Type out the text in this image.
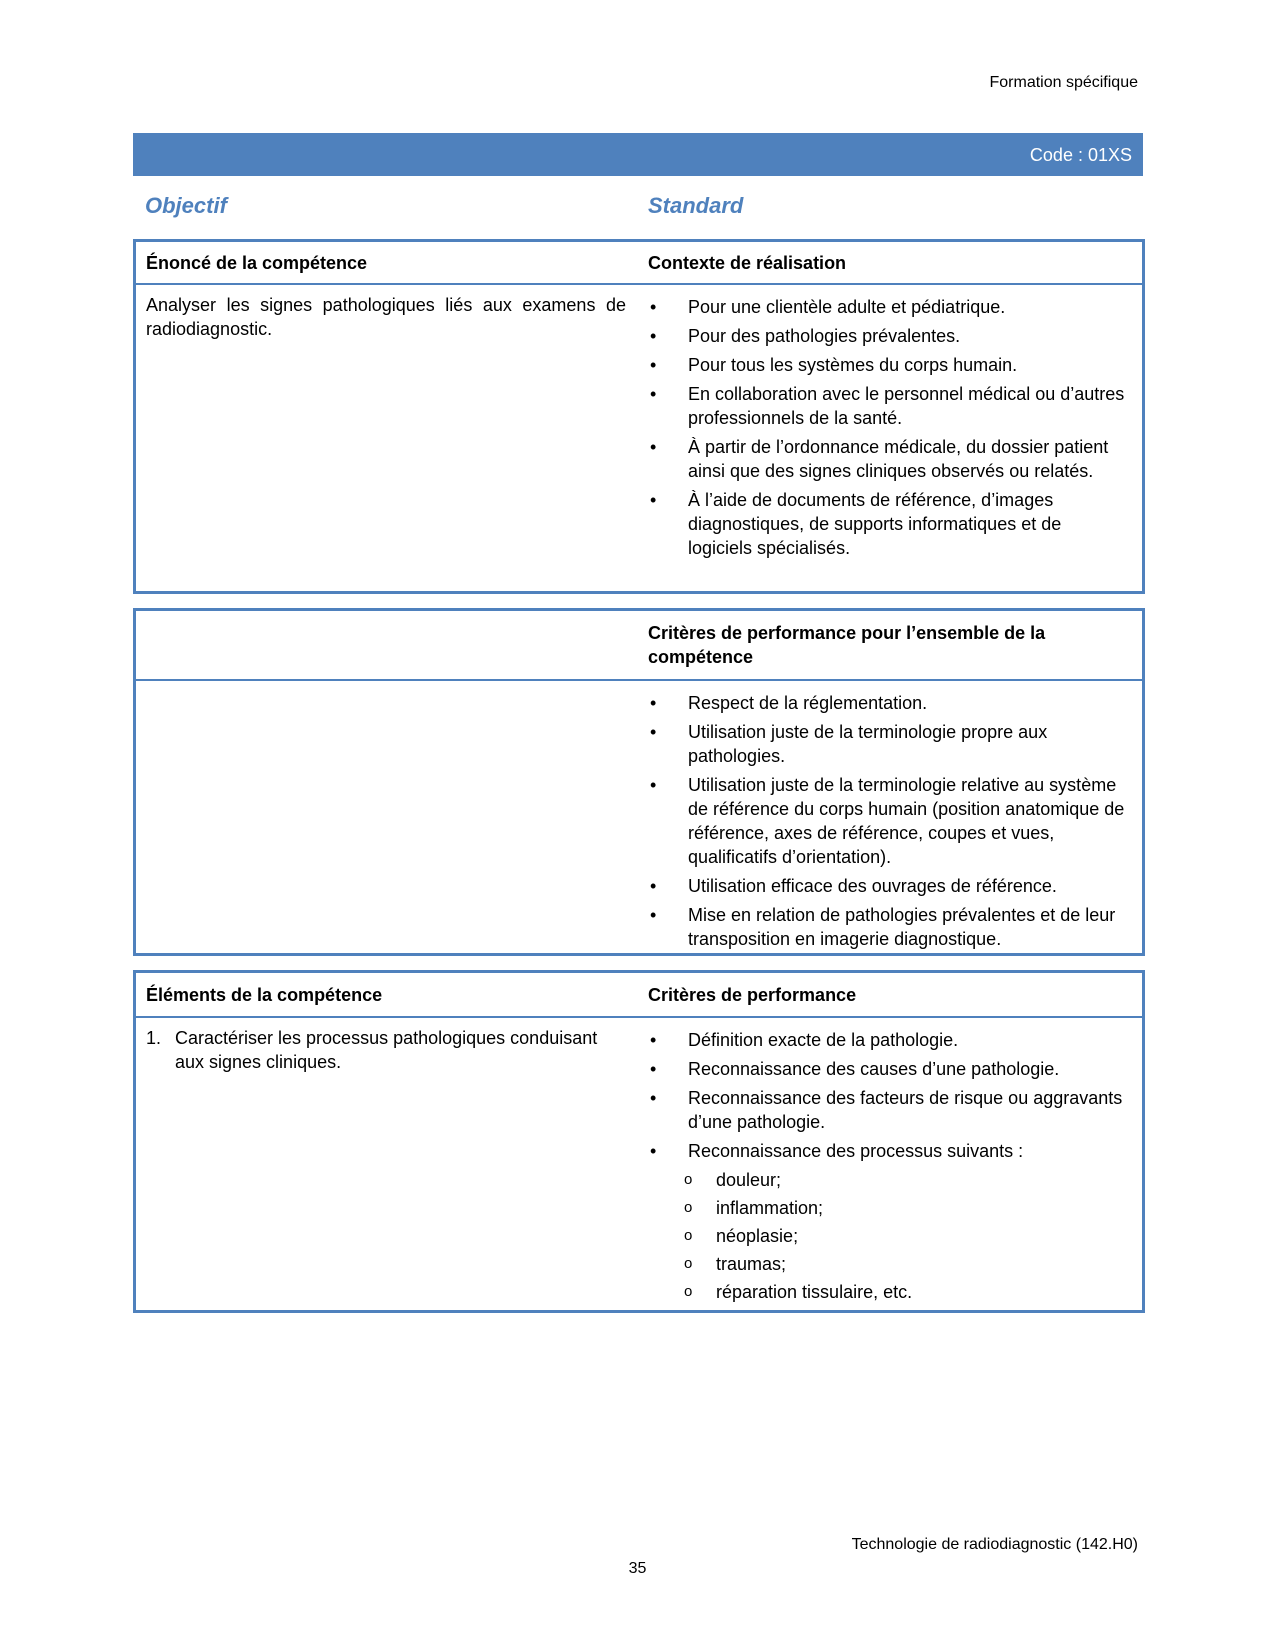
Formation spécifique
Code : 01XS
Objectif	Standard
Énoncé de la compétence	Contexte de réalisation
Analyser les signes pathologiques liés aux examens de radiodiagnostic.
• Pour une clientèle adulte et pédiatrique.
• Pour des pathologies prévalentes.
• Pour tous les systèmes du corps humain.
• En collaboration avec le personnel médical ou d’autres professionnels de la santé.
• À partir de l’ordonnance médicale, du dossier patient ainsi que des signes cliniques observés ou relatés.
• À l’aide de documents de référence, d’images diagnostiques, de supports informatiques et de logiciels spécialisés.
Critères de performance pour l’ensemble de la compétence
• Respect de la réglementation.
• Utilisation juste de la terminologie propre aux pathologies.
• Utilisation juste de la terminologie relative au système de référence du corps humain (position anatomique de référence, axes de référence, coupes et vues, qualificatifs d’orientation).
• Utilisation efficace des ouvrages de référence.
• Mise en relation de pathologies prévalentes et de leur transposition en imagerie diagnostique.
Éléments de la compétence	Critères de performance
1. Caractériser les processus pathologiques conduisant aux signes cliniques.
• Définition exacte de la pathologie.
• Reconnaissance des causes d’une pathologie.
• Reconnaissance des facteurs de risque ou aggravants d’une pathologie.
• Reconnaissance des processus suivants :
o douleur;
o inflammation;
o néoplasie;
o traumas;
o réparation tissulaire, etc.
Technologie de radiodiagnostic (142.H0)
35
